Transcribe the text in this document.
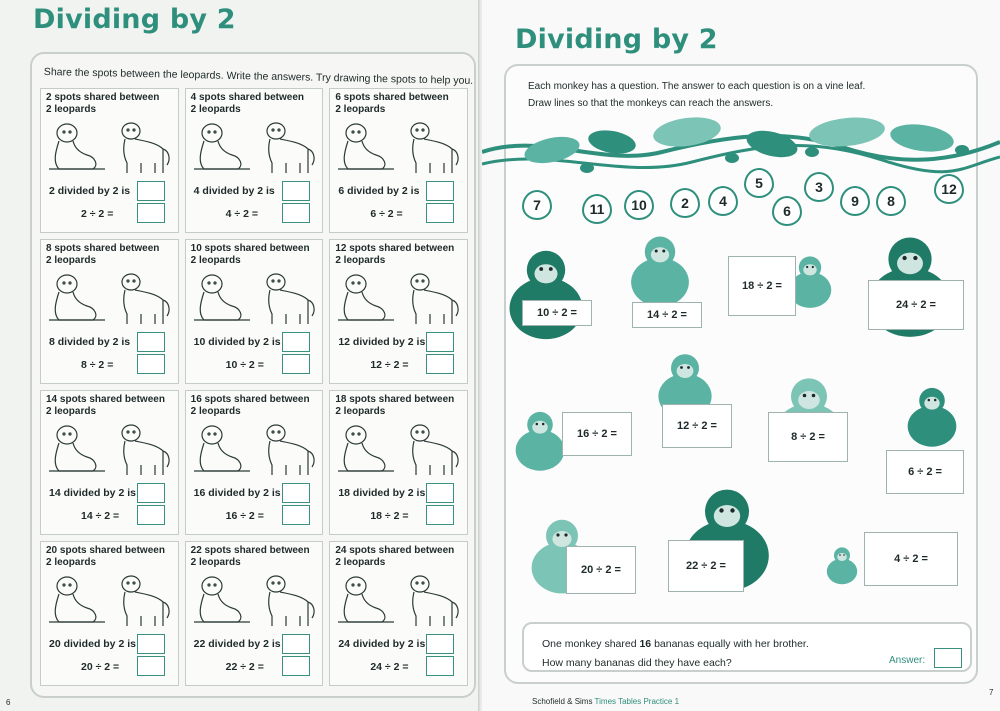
Dividing by 2
Share the spots between the leopards. Write the answers. Try drawing the spots to help you.
2 spots shared between
2 leopards
2 divided by 2 is
2 ÷ 2 =
4 spots shared between
2 leopards
4 divided by 2 is
4 ÷ 2 =
6 spots shared between
2 leopards
6 divided by 2 is
6 ÷ 2 =
8 spots shared between
2 leopards
8 divided by 2 is
8 ÷ 2 =
10 spots shared between
2 leopards
10 divided by 2 is
10 ÷ 2 =
12 spots shared between
2 leopards
12 divided by 2 is
12 ÷ 2 =
14 spots shared between
2 leopards
14 divided by 2 is
14 ÷ 2 =
16 spots shared between
2 leopards
16 divided by 2 is
16 ÷ 2 =
18 spots shared between
2 leopards
18 divided by 2 is
18 ÷ 2 =
20 spots shared between
2 leopards
20 divided by 2 is
20 ÷ 2 =
22 spots shared between
2 leopards
22 divided by 2 is
22 ÷ 2 =
24 spots shared between
2 leopards
24 divided by 2 is
24 ÷ 2 =
6
Dividing by 2
Each monkey has a question. The answer to each question is on a vine leaf.
Draw lines so that the monkeys can reach the answers.
7	11	10	2	4
5
6
3
9	8
12
10 ÷ 2 =	14 ÷ 2 =
18 ÷ 2 =
24 ÷ 2 =
16 ÷ 2 =
12 ÷ 2 =
8 ÷ 2 =
6 ÷ 2 =
20 ÷ 2 =	22 ÷ 2 =
4 ÷ 2 =
One monkey shared 16 bananas equally with her brother.
How many bananas did they have each?	Answer:
Schofield & Sims Times Tables Practice 1
7
